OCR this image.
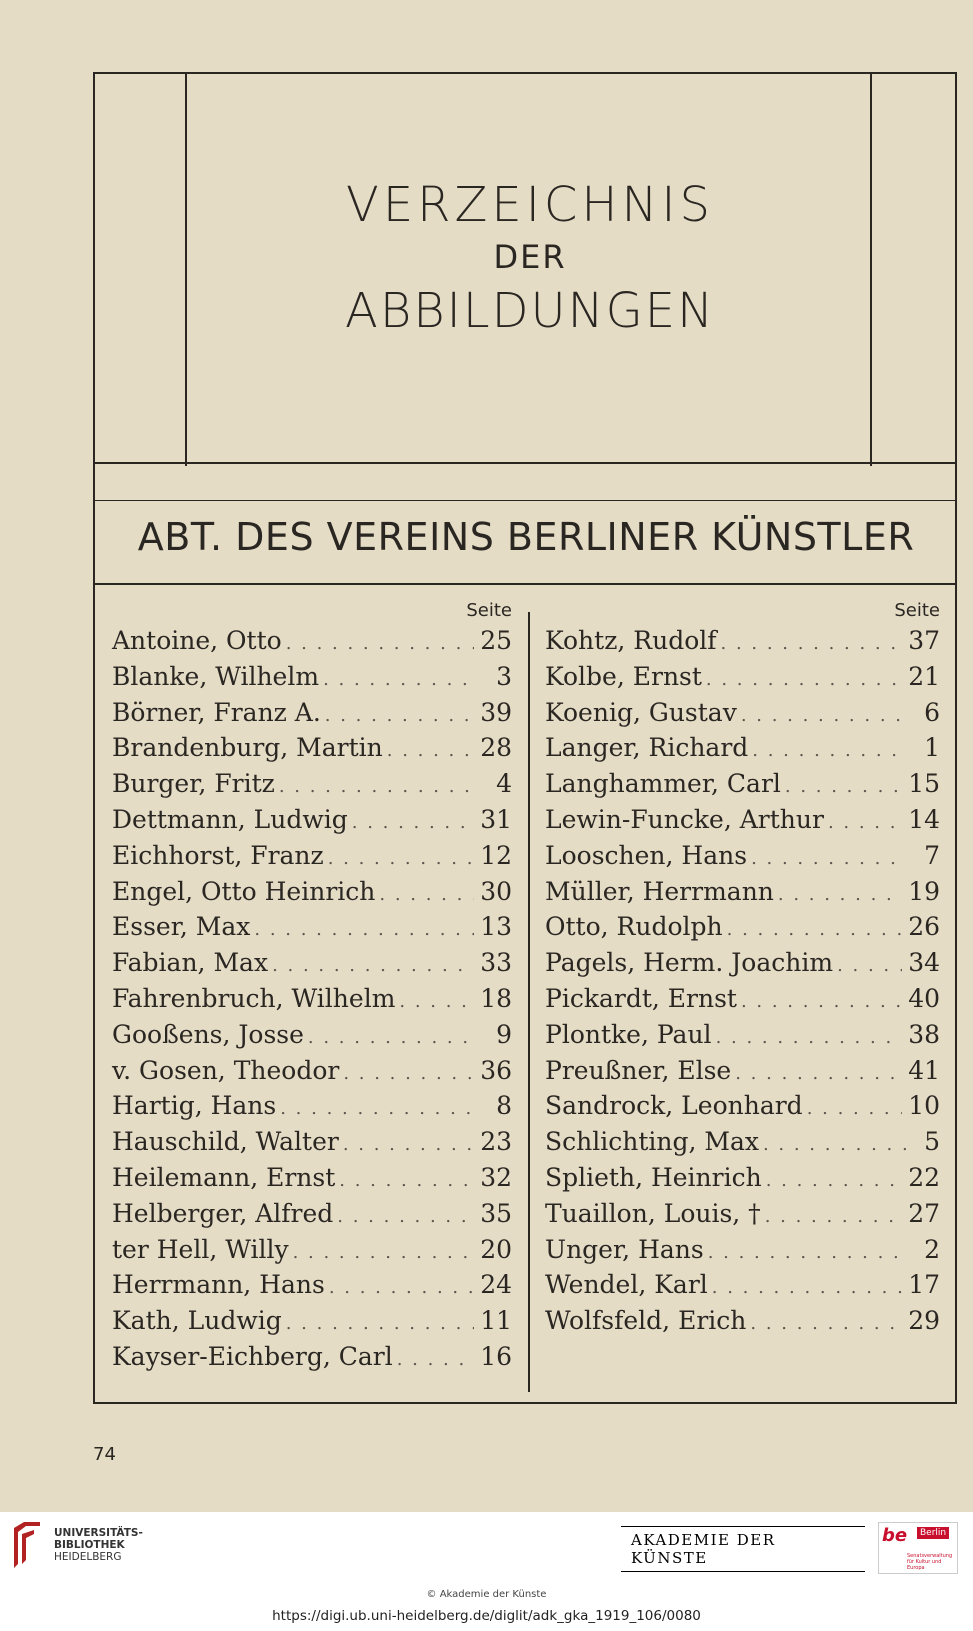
VERZEICHNIS
DER
ABBILDUNGEN
ABT. DES VEREINS BERLINER KÜNSTLER
Seite
Antoine, Otto . . .	25
Blanke, Wilhelm . . .	3
Börner, Franz A. . . .	39
Brandenburg, Martin . . .	28
Burger, Fritz . . .	4
Dettmann, Ludwig . . .	31
Eichhorst, Franz . . .	12
Engel, Otto Heinrich . . .	30
Esser, Max . . .	13
Fabian, Max . . .	33
Fahrenbruch, Wilhelm . . .	18
Gooßens, Josse . . .	9
v. Gosen, Theodor . . .	36
Hartig, Hans . . .	8
Hauschild, Walter . . .	23
Heilemann, Ernst . . .	32
Helberger, Alfred . . .	35
ter Hell, Willy . . .	20
Herrmann, Hans . . .	24
Kath, Ludwig . . .	11
Kayser-Eichberg, Carl . . .	16
Seite
Kohtz, Rudolf . . .	37
Kolbe, Ernst . . .	21
Koenig, Gustav . . .	6
Langer, Richard . . .	1
Langhammer, Carl . . .	15
Lewin-Funcke, Arthur . . .	14
Looschen, Hans . . .	7
Müller, Herrmann . . .	19
Otto, Rudolph . . .	26
Pagels, Herm. Joachim . . .	34
Pickardt, Ernst . . .	40
Plontke, Paul . . .	38
Preußner, Else . . .	41
Sandrock, Leonhard . . .	10
Schlichting, Max . . .	5
Splieth, Heinrich . . .	22
Tuaillon, Louis, † . . .	27
Unger, Hans . . .	2
Wendel, Karl . . .	17
Wolfsfeld, Erich . . .	29
74
UNIVERSITÄTS-
BIBLIOTHEK
HEIDELBERG
AKADEMIE DER KÜNSTE
be	Berlin
Senatsverwaltung
für Kultur und Europa
© Akademie der Künste
https://digi.ub.uni-heidelberg.de/diglit/adk_gka_1919_106/0080
